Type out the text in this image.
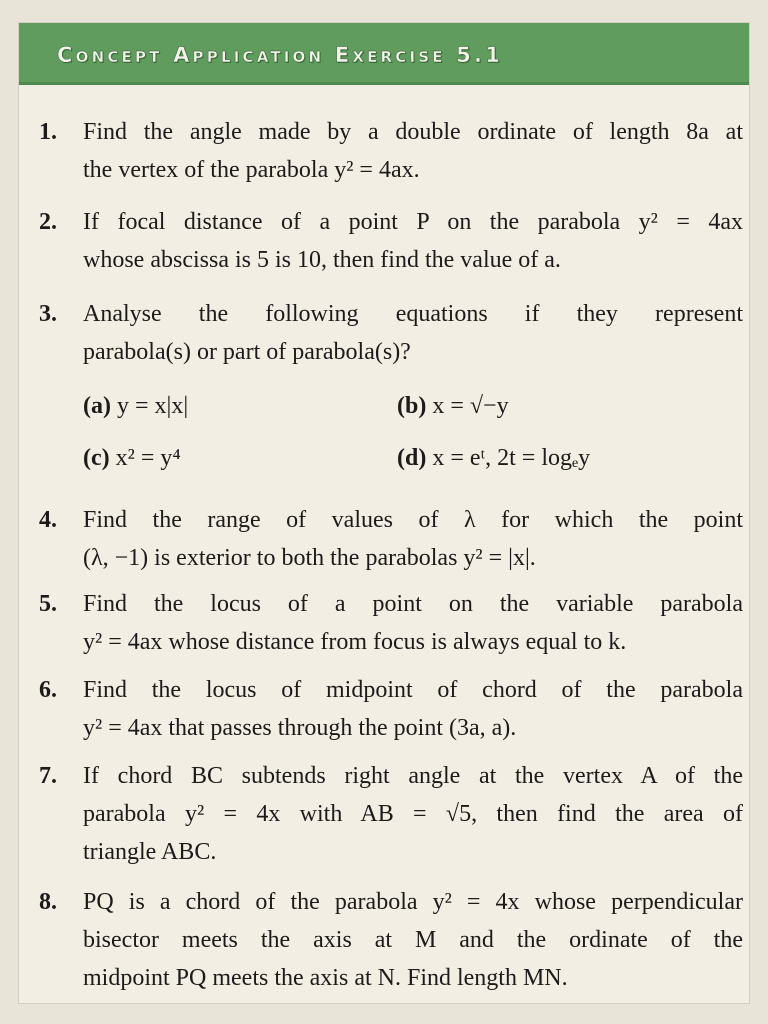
Concept Application Exercise 5.1
1. Find the angle made by a double ordinate of length 8a at
the vertex of the parabola y² = 4ax.
2. If focal distance of a point P on the parabola y² = 4ax
whose abscissa is 5 is 10, then find the value of a.
3. Analyse the following equations if they represent
parabola(s) or part of parabola(s)?
(a) y = x|x|	(b) x = √−y
(c) x² = y⁴	(d) x = eᵗ, 2t = logₑy
4. Find the range of values of λ for which the point
(λ, −1) is exterior to both the parabolas y² = |x|.
5. Find the locus of a point on the variable parabola
y² = 4ax whose distance from focus is always equal to k.
6. Find the locus of midpoint of chord of the parabola
y² = 4ax that passes through the point (3a, a).
7. If chord BC subtends right angle at the vertex A of the
parabola y² = 4x with AB = √5, then find the area of
triangle ABC.
8. PQ is a chord of the parabola y² = 4x whose perpendicular
bisector meets the axis at M and the ordinate of the
midpoint PQ meets the axis at N. Find length MN.
